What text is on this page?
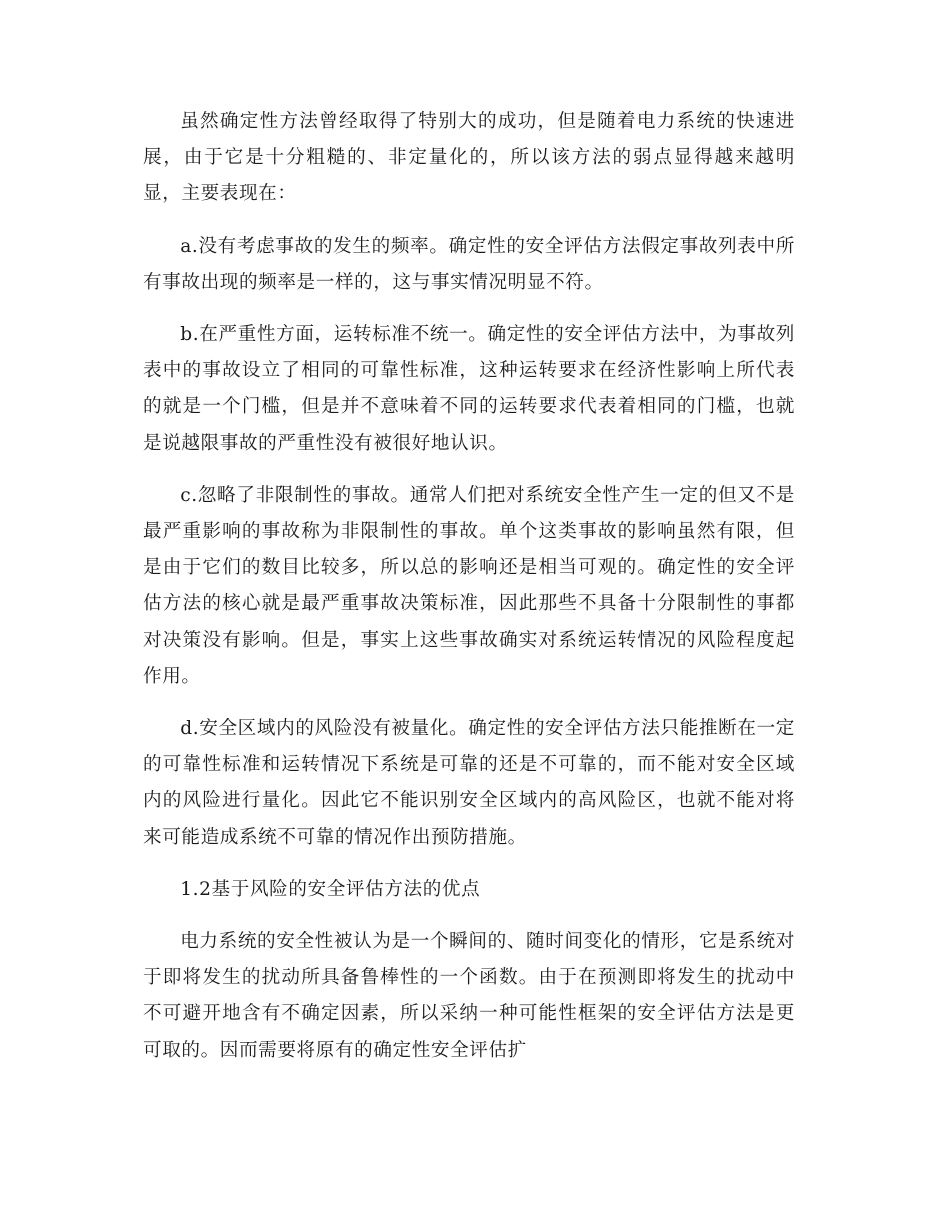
虽然确定性方法曾经取得了特别大的成功，但是随着电力系统的快速进展，由于它是十分粗糙的、非定量化的，所以该方法的弱点显得越来越明显，主要表现在：

a.没有考虑事故的发生的频率。确定性的安全评估方法假定事故列表中所有事故出现的频率是一样的，这与事实情况明显不符。

b.在严重性方面，运转标准不统一。确定性的安全评估方法中，为事故列表中的事故设立了相同的可靠性标准，这种运转要求在经济性影响上所代表的就是一个门槛，但是并不意味着不同的运转要求代表着相同的门槛，也就是说越限事故的严重性没有被很好地认识。

c.忽略了非限制性的事故。通常人们把对系统安全性产生一定的但又不是最严重影响的事故称为非限制性的事故。单个这类事故的影响虽然有限，但是由于它们的数目比较多，所以总的影响还是相当可观的。确定性的安全评估方法的核心就是最严重事故决策标准，因此那些不具备十分限制性的事都对决策没有影响。但是，事实上这些事故确实对系统运转情况的风险程度起作用。

d.安全区域内的风险没有被量化。确定性的安全评估方法只能推断在一定的可靠性标准和运转情况下系统是可靠的还是不可靠的，而不能对安全区域内的风险进行量化。因此它不能识别安全区域内的高风险区，也就不能对将来可能造成系统不可靠的情况作出预防措施。

1.2基于风险的安全评估方法的优点

电力系统的安全性被认为是一个瞬间的、随时间变化的情形，它是系统对于即将发生的扰动所具备鲁棒性的一个函数。由于在预测即将发生的扰动中不可避开地含有不确定因素，所以采纳一种可能性框架的安全评估方法是更可取的。因而需要将原有的确定性安全评估扩
